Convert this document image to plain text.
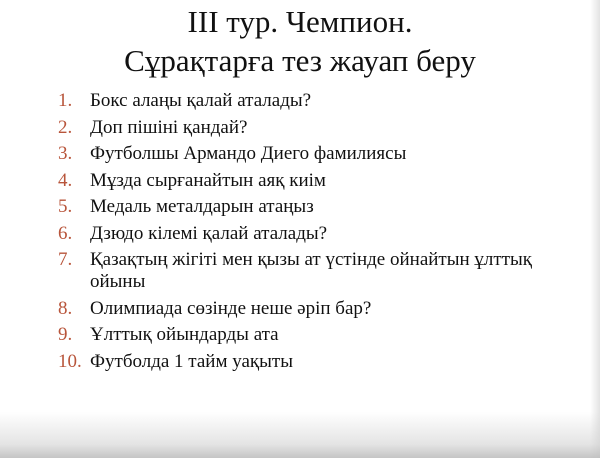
III тур. Чемпион.
Сұрақтарға тез жауап беру
1. Бокс алаңы қалай аталады?
2. Доп пішіні қандай?
3. Футболшы Армандо Диего фамилиясы
4. Мұзда сырғанайтын аяқ киім
5. Медаль металдарын атаңыз
6. Дзюдо кілемі қалай аталады?
7. Қазақтың жігіті мен қызы ат үстінде ойнайтын ұлттық ойыны
8. Олимпиада сөзінде неше әріп бар?
9. Ұлттық ойындарды ата
10. Футболда 1 тайм уақыты
